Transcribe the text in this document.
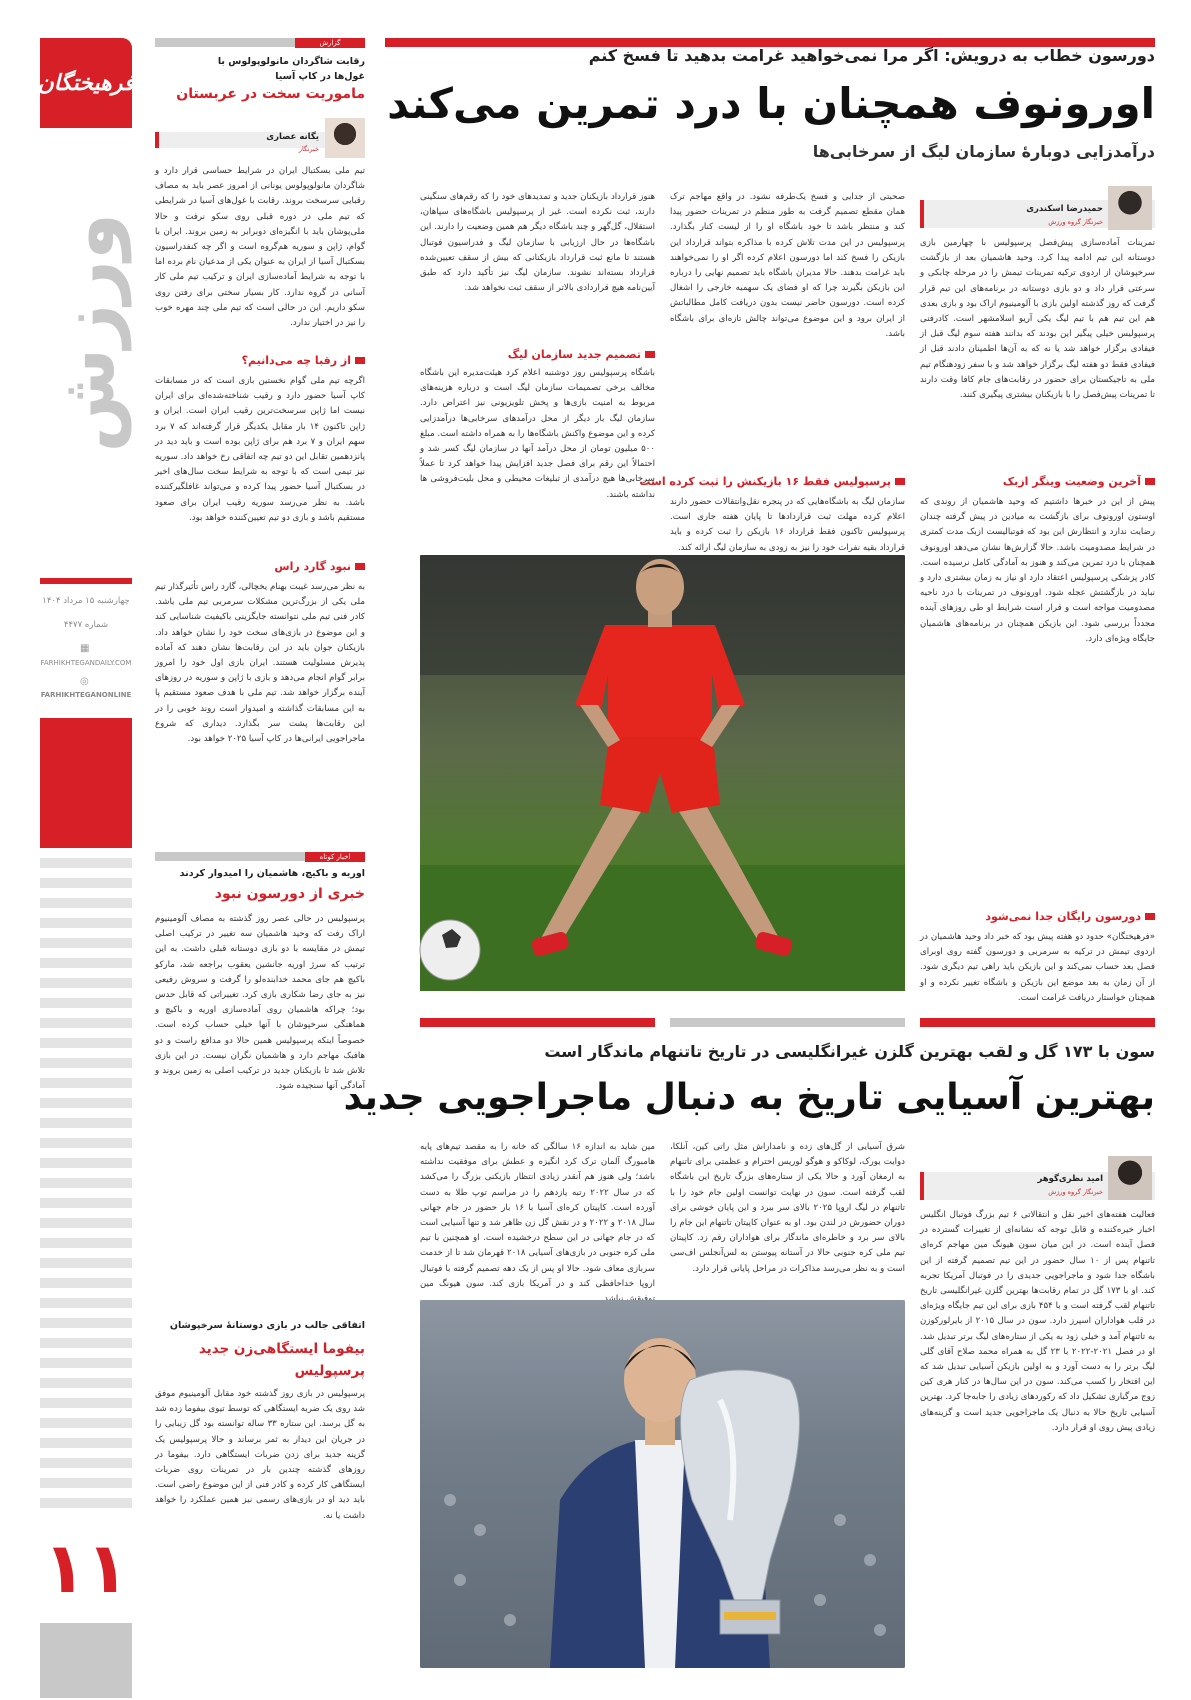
فرهیختگان
ورزش
چهارشنبه ۱۵ مرداد ۱۴۰۴
شماره ۴۴۷۷
▦
FARHIKHTEGANDAILY.COM
◎
FARHIKHTEGANONLINE
۱۱
گزارش
رقابت شاگردان مانولوپولوس با غول‌ها در کاپ آسیا
ماموریت سخت در عربستان
یگانه عصاری
خبرنگار
تیم ملی بسکتبال ایران در شرایط حساسی قرار دارد و شاگردان مانولوپولوس یونانی از امروز عصر باید به مصاف رقبایی سرسخت بروند. رقابت با غول‌های آسیا در شرایطی که تیم ملی در دوره قبلی روی سکو نرفت و حالا ملی‌پوشان باید با انگیزه‌ای دوبرابر به زمین بروند. ایران با گوام، ژاپن و سوریه هم‌گروه است و اگر چه کنفدراسیون بسکتبال آسیا از ایران به عنوان یکی از مدعیان نام برده اما با توجه به شرایط آماده‌سازی ایران و ترکیب تیم ملی کار آسانی در گروه ندارد. کار بسیار سختی برای رفتن روی سکو داریم. این در حالی است که تیم ملی چند مهره خوب را نیز در اختیار ندارد.
از رقبا چه می‌دانیم؟
اگرچه تیم ملی گوام نخستین بازی است که در مسابقات کاپ آسیا حضور دارد و رقیب شناخته‌شده‌ای برای ایران نیست اما ژاپن سرسخت‌ترین رقیب ایران است. ایران و ژاپن تاکنون ۱۴ بار مقابل یکدیگر قرار گرفته‌اند که ۷ برد سهم ایران و ۷ برد هم برای ژاپن بوده است و باید دید در پانزدهمین تقابل این دو تیم چه اتفاقی رخ خواهد داد. سوریه نیز تیمی است که با توجه به شرایط سخت سال‌های اخیر در بسکتبال آسیا حضور پیدا کرده و می‌تواند غافلگیرکننده باشد. به نظر می‌رسد سوریه رقیب ایران برای صعود مستقیم باشد و بازی دو تیم تعیین‌کننده خواهد بود.
نبود گارد راس
به نظر می‌رسد غیبت بهنام یخچالی، گارد راس تأثیرگذار تیم ملی یکی از بزرگ‌ترین مشکلات سرمربی تیم ملی باشد. کادر فنی تیم ملی نتوانسته جایگزینی باکیفیت شناسایی کند و این موضوع در بازی‌های سخت خود را نشان خواهد داد. بازیکنان جوان باید در این رقابت‌ها نشان دهند که آماده پذیرش مسئولیت هستند. ایران بازی اول خود را امروز برابر گوام انجام می‌دهد و بازی با ژاپن و سوریه در روزهای آینده برگزار خواهد شد. تیم ملی با هدف صعود مستقیم پا به این مسابقات گذاشته و امیدوار است روند خوبی را در این رقابت‌ها پشت سر بگذارد. دیداری که شروع ماجراجویی ایرانی‌ها در کاپ آسیا ۲۰۲۵ خواهد بود.
اخبار کوتاه
اوریه و باکیچ، هاشمیان را امیدوار کردند
خبری از دورسون نبود
پرسپولیس در حالی عصر روز گذشته به مصاف آلومینیوم اراک رفت که وحید هاشمیان سه تغییر در ترکیب اصلی تیمش در مقایسه با دو بازی دوستانه قبلی داشت. به این ترتیب که سرژ اوریه جانشین یعقوب براجعه شد، مارکو باکیچ هم جای محمد خدابنده‌لو را گرفت و سروش رفیعی نیز به جای رضا شکاری بازی کرد. تغییراتی که قابل حدس بود؛ چراکه هاشمیان روی آماده‌سازی اوریه و باکیچ و هماهنگی سرخپوشان با آنها خیلی حساب کرده است. خصوصاً اینکه پرسپولیس همین حالا دو مدافع راست و دو هافبک مهاجم دارد و هاشمیان نگران نیست. در این بازی تلاش شد تا بازیکنان جدید در ترکیب اصلی به زمین بروند و آمادگی آنها سنجیده شود.
اتفاقی جالب در بازی دوستانهٔ سرخپوشان
بیفوما ایستگاهی‌زن جدید پرسپولیس
پرسپولیس در بازی روز گذشته خود مقابل آلومینیوم موفق شد روی یک ضربه ایستگاهی که توسط تیوی بیفوما زده شد به گل برسد. این ستاره ۳۳ ساله توانسته بود گل زیبایی را در جریان این دیدار به ثمر برساند و حالا پرسپولیس یک گزینه جدید برای زدن ضربات ایستگاهی دارد. بیفوما در روزهای گذشته چندین بار در تمرینات روی ضربات ایستگاهی کار کرده و کادر فنی از این موضوع راضی است. باید دید او در بازی‌های رسمی نیز همین عملکرد را خواهد داشت یا نه.
دورسون خطاب به درویش: اگر مرا نمی‌خواهید غرامت بدهید تا فسخ کنم
اورونوف همچنان با درد تمرین می‌کند
درآمدزایی دوبارهٔ سازمان لیگ از سرخابی‌ها
حمیدرضا اسکندری
خبرنگار گروه ورزش
تمرینات آماده‌سازی پیش‌فصل پرسپولیس با چهارمین بازی دوستانه این تیم ادامه پیدا کرد. وحید هاشمیان بعد از بازگشت سرخپوشان از اردوی ترکیه تمرینات تیمش را در مرحله چابکی و سرعتی قرار داد و دو بازی دوستانه در برنامه‌های این تیم قرار گرفت که روز گذشته اولین بازی با آلومینیوم اراک بود و بازی بعدی هم این تیم هم با تیم لیگ یکی آریو اسلامشهر است. کادرفنی پرسپولیس خیلی پیگیر این بودند که بدانند هفته سوم لیگ قبل از فیفادی برگزار خواهد شد یا نه که به آن‌ها اطمینان دادند قبل از فیفادی فقط دو هفته لیگ برگزار خواهد شد و با سفر زودهنگام تیم ملی به تاجیکستان برای حضور در رقابت‌های جام کافا وقت دارند تا تمرینات پیش‌فصل را با بازیکنان بیشتری پیگیری کنند.
آخرین وضعیت وینگر ازبک
پیش از این در خبرها داشتیم که وحید هاشمیان از روندی که اوستون اورونوف برای بازگشت به میادین در پیش گرفته چندان رضایت ندارد و انتظارش این بود که فوتبالیست ازبک مدت کمتری در شرایط مصدومیت باشد. حالا گزارش‌ها نشان می‌دهد اورونوف همچنان با درد تمرین می‌کند و هنوز به آمادگی کامل نرسیده است. کادر پزشکی پرسپولیس اعتقاد دارد او نیاز به زمان بیشتری دارد و نباید در بازگشتش عجله شود. اورونوف در تمرینات با درد ناحیه مصدومیت مواجه است و قرار است شرایط او طی روزهای آینده مجدداً بررسی شود. این بازیکن همچنان در برنامه‌های هاشمیان جایگاه ویژه‌ای دارد.
دورسون رایگان جدا نمی‌شود
«فرهیختگان» حدود دو هفته پیش بود که خبر داد وحید هاشمیان در اردوی تیمش در ترکیه به سرمربی و دورسون گفته روی اوبرای فصل بعد حساب نمی‌کند و این بازیکن باید راهی تیم دیگری شود. از آن زمان به بعد موضع این بازیکن و باشگاه تغییر نکرده و او همچنان خواستار دریافت غرامت است.
صحبتی از جدایی و فسخ یک‌طرفه نشود. در واقع مهاجم ترک همان مقطع تصمیم گرفت به طور منظم در تمرینات حضور پیدا کند و منتظر باشد تا خود باشگاه او را از لیست کنار بگذارد. پرسپولیس در این مدت تلاش کرده با مذاکره بتواند قرارداد این بازیکن را فسخ کند اما دورسون اعلام کرده اگر او را نمی‌خواهند باید غرامت بدهند. حالا مدیران باشگاه باید تصمیم نهایی را درباره این بازیکن بگیرند چرا که او فضای یک سهمیه خارجی را اشغال کرده است. دورسون حاضر نیست بدون دریافت کامل مطالباتش از ایران برود و این موضوع می‌تواند چالش تازه‌ای برای باشگاه باشد.
پرسپولیس فقط ۱۶ بازیکنش را ثبت کرده است
سازمان لیگ به باشگاه‌هایی که در پنجره نقل‌وانتقالات حضور دارند اعلام کرده مهلت ثبت قراردادها تا پایان هفته جاری است. پرسپولیس تاکنون فقط قرارداد ۱۶ بازیکن را ثبت کرده و باید قرارداد بقیه نفرات خود را نیز به زودی به سازمان لیگ ارائه کند.
هنوز قرارداد بازیکنان جدید و تمدیدهای خود را که رقم‌های سنگینی دارند، ثبت نکرده است. غیر از پرسپولیس باشگاه‌های سپاهان، استقلال، گل‌گهر و چند باشگاه دیگر هم همین وضعیت را دارند. این باشگاه‌ها در حال ارزیابی با سازمان لیگ و فدراسیون فوتبال هستند تا مانع ثبت قرارداد بازیکنانی که بیش از سقف تعیین‌شده قرارداد بسته‌اند نشوند. سازمان لیگ نیز تأکید دارد که طبق آیین‌نامه هیچ قراردادی بالاتر از سقف ثبت نخواهد شد.
تصمیم جدید سازمان لیگ
باشگاه پرسپولیس روز دوشنبه اعلام کرد هیئت‌مدیره این باشگاه مخالف برخی تصمیمات سازمان لیگ است و درباره هزینه‌های مربوط به امنیت بازی‌ها و پخش تلویزیونی نیز اعتراض دارد. سازمان لیگ بار دیگر از محل درآمدهای سرخابی‌ها درآمدزایی کرده و این موضوع واکنش باشگاه‌ها را به همراه داشته است. مبلغ ۵۰۰ میلیون تومان از محل درآمد آنها در سازمان لیگ کسر شد و احتمالاً این رقم برای فصل جدید افزایش پیدا خواهد کرد تا عملاً سرخابی‌ها هیچ درآمدی از تبلیغات محیطی و محل بلیت‌فروشی ها نداشته باشند.
سون با ۱۷۳ گل و لقب بهترین گلزن غیرانگلیسی در تاریخ تاتنهام ماندگار است
بهترین آسیایی تاریخ به دنبال ماجراجویی جدید
امید نظری‌گوهر
خبرنگار گروه ورزش
فعالیت هفته‌های اخیر نقل و انتقالاتی ۶ تیم بزرگ فوتبال انگلیس اخبار خیره‌کننده و قابل توجه که نشانه‌ای از تغییرات گسترده در فصل آینده است. در این میان سون هیونگ مین مهاجم کره‌ای تاتنهام پس از ۱۰ سال حضور در این تیم تصمیم گرفته از این باشگاه جدا شود و ماجراجویی جدیدی را در فوتبال آمریکا تجربه کند. او با ۱۷۳ گل در تمام رقابت‌ها بهترین گلزن غیرانگلیسی تاریخ تاتنهام لقب گرفته است و با ۴۵۴ بازی برای این تیم جایگاه ویژه‌ای در قلب هواداران اسپرز دارد. سون در سال ۲۰۱۵ از بایرلورکوزن به تاتنهام آمد و خیلی زود به یکی از ستاره‌های لیگ برتر تبدیل شد. او در فصل ۲۰۲۱-۲۰۲۲ با ۲۳ گل به همراه محمد صلاح آقای گلی لیگ برتر را به دست آورد و به اولین بازیکن آسیایی تبدیل شد که این افتخار را کسب می‌کند. سون در این سال‌ها در کنار هری کین زوج مرگباری تشکیل داد که رکوردهای زیادی را جابه‌جا کرد. بهترین آسیایی تاریخ حالا به دنبال یک ماجراجویی جدید است و گزینه‌های زیادی پیش روی او قرار دارد.
شرق آسیایی از گل‌های زده و نامداراش مثل راتی کین، آنلکا، دوایت یورک، لوکاکو و هوگو لوریس احترام و عظمتی برای تاتنهام به ارمغان آورد و حالا یکی از ستاره‌های بزرگ تاریخ این باشگاه لقب گرفته است. سون در نهایت توانست اولین جام خود را با تاتنهام در لیگ اروپا ۲۰۲۵ بالای سر ببرد و این پایان خوشی برای دوران حضورش در لندن بود. او به عنوان کاپیتان تاتنهام این جام را بالای سر برد و خاطره‌ای ماندگار برای هواداران رقم زد. کاپیتان تیم ملی کره جنوبی حالا در آستانه پیوستن به لس‌آنجلس اف‌سی است و به نظر می‌رسد مذاکرات در مراحل پایانی قرار دارد.
مین شاید به اندازه ۱۶ سالگی که خانه را به مقصد تیم‌های پایه هامبورگ آلمان ترک کرد انگیزه و عطش برای موفقیت نداشته باشد؛ ولی هنوز هم آنقدر زیادی انتظار بازیکنی بزرگ را می‌کشد که در سال ۲۰۲۲ رتبه یازدهم را در مراسم توپ طلا به دست آورده است. کاپیتان کره‌ای آسیا با ۱۶ بار حضور در جام جهانی سال ۲۰۱۸ و ۲۰۲۲ و در نقش گل زن ظاهر شد و تنها آسیایی است که در جام جهانی در این سطح درخشیده است. او همچنین با تیم ملی کره جنوبی در بازی‌های آسیایی ۲۰۱۸ قهرمان شد تا از خدمت سربازی معاف شود. حالا او پس از یک دهه تصمیم گرفته با فوتبال اروپا خداحافظی کند و در آمریکا بازی کند. سون هیونگ مین
